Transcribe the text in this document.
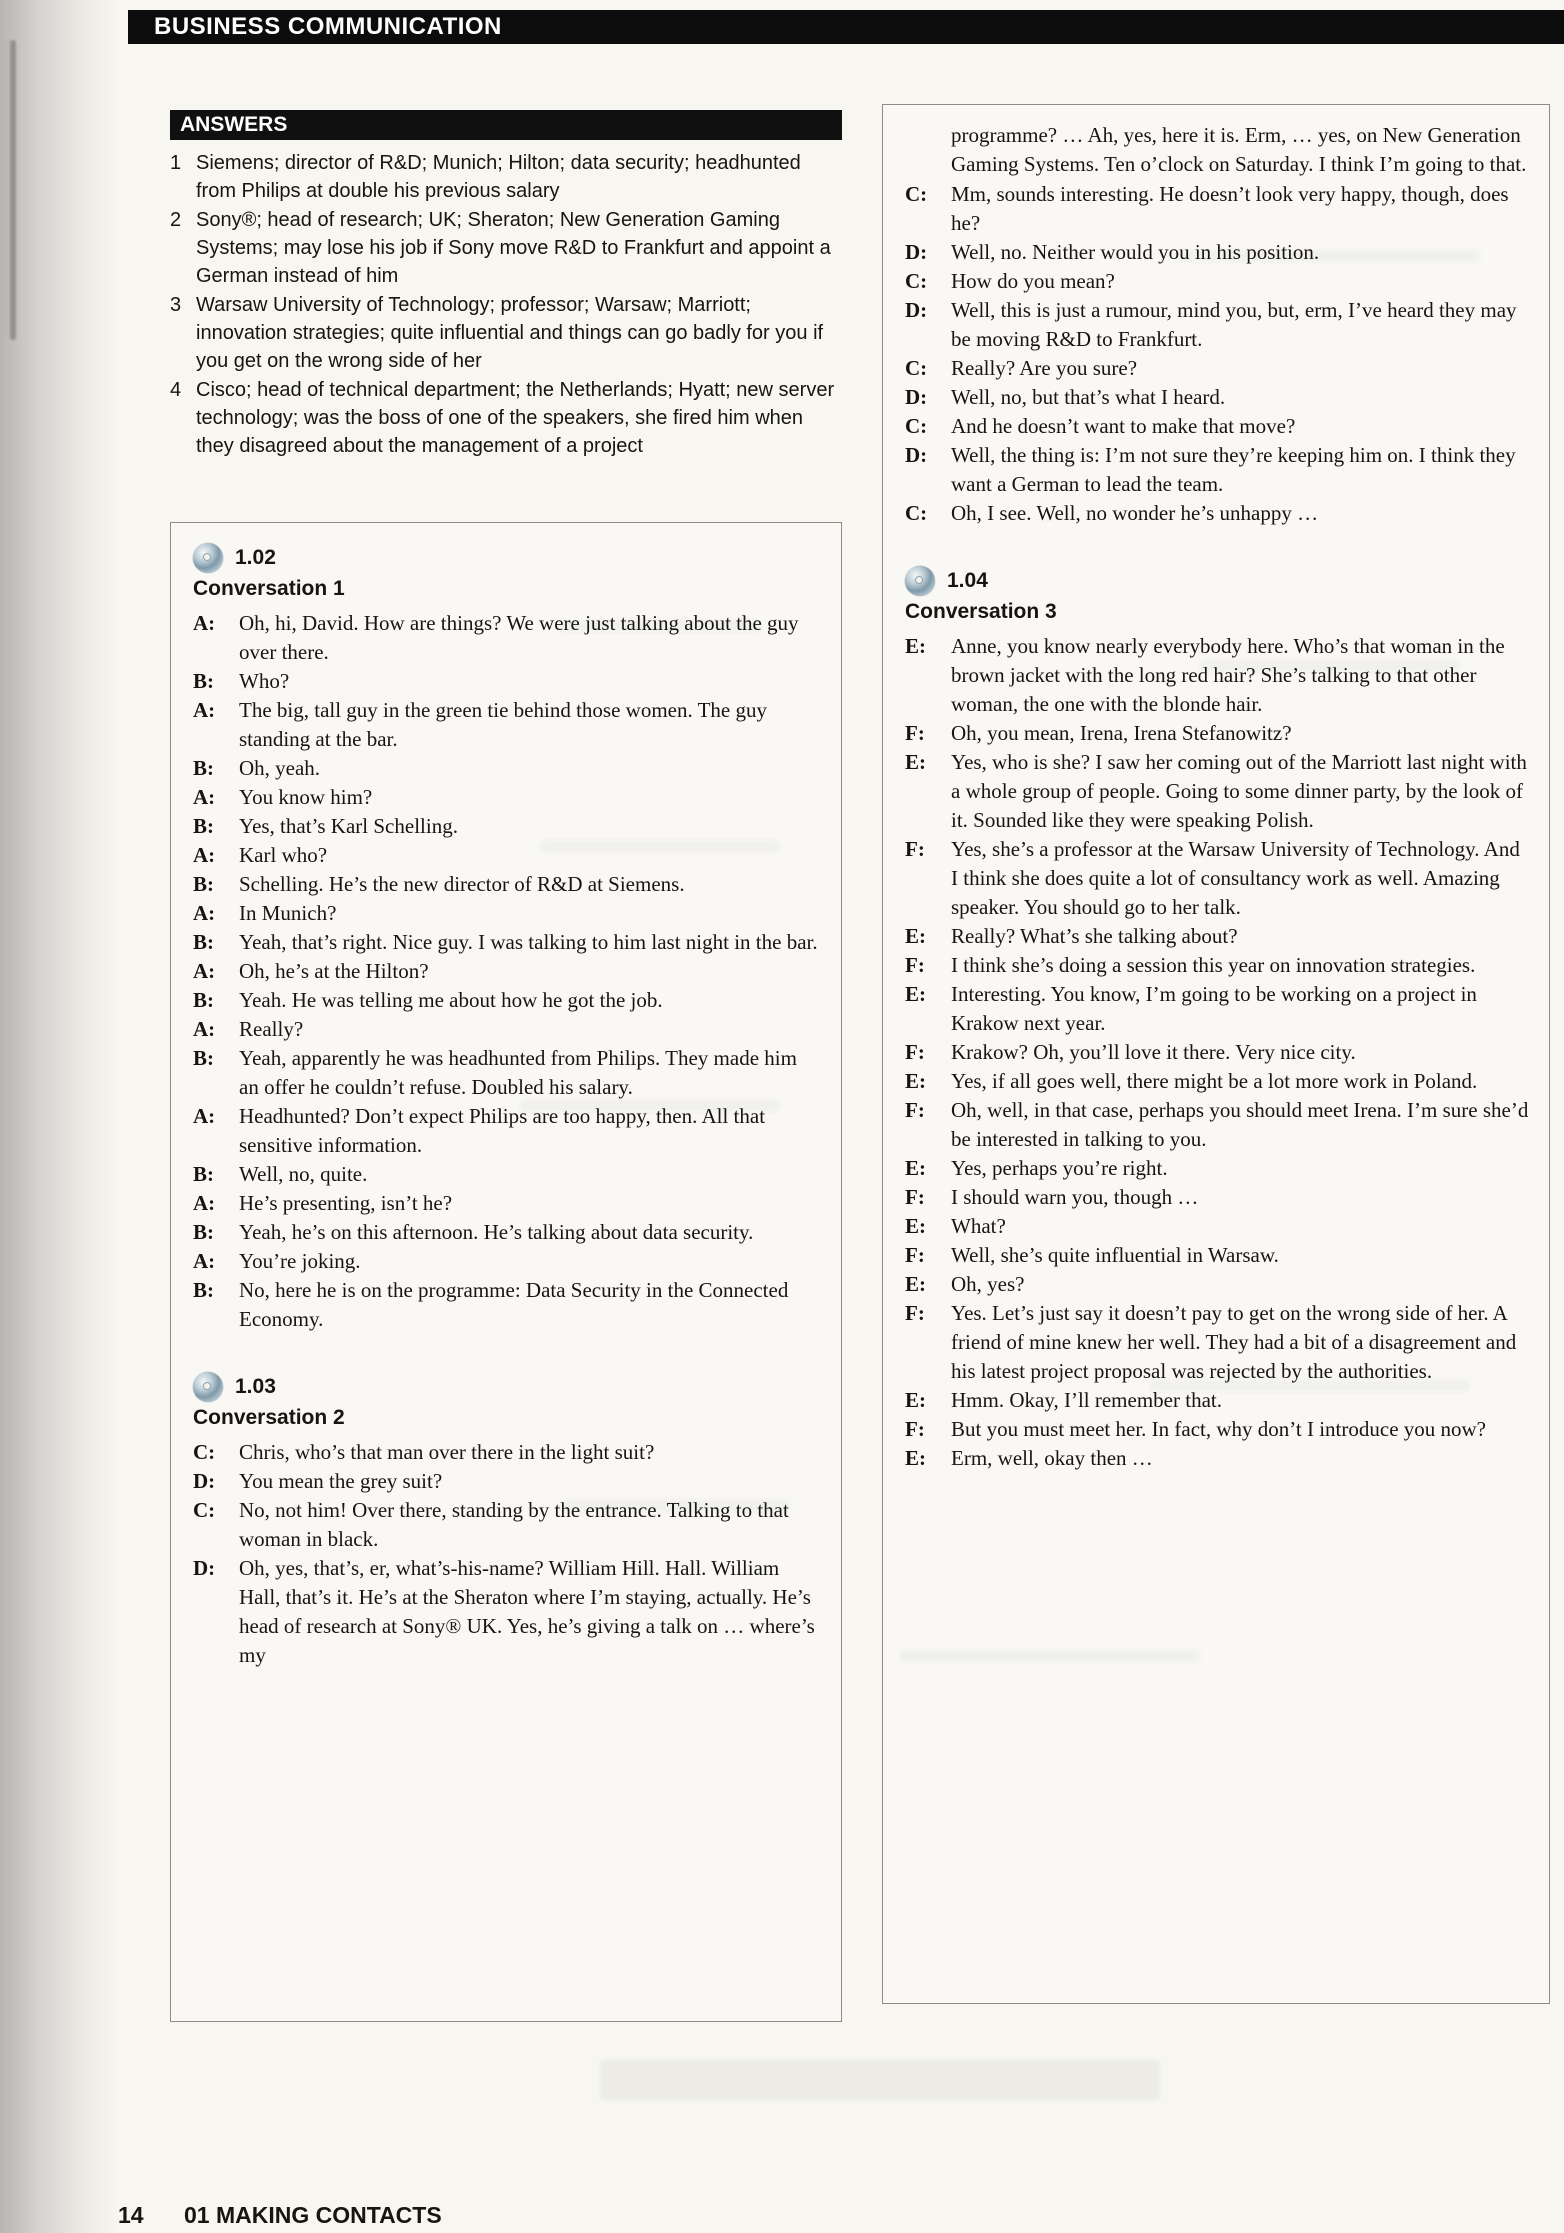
BUSINESS COMMUNICATION
ANSWERS
1 Siemens; director of R&D; Munich; Hilton; data security; headhunted from Philips at double his previous salary
2 Sony®; head of research; UK; Sheraton; New Generation Gaming Systems; may lose his job if Sony move R&D to Frankfurt and appoint a German instead of him
3 Warsaw University of Technology; professor; Warsaw; Marriott; innovation strategies; quite influential and things can go badly for you if you get on the wrong side of her
4 Cisco; head of technical department; the Netherlands; Hyatt; new server technology; was the boss of one of the speakers, she fired him when they disagreed about the management of a project
1.02
Conversation 1
A:	Oh, hi, David. How are things? We were just talking about the guy over there.
B:	Who?
A:	The big, tall guy in the green tie behind those women. The guy standing at the bar.
B:	Oh, yeah.
A:	You know him?
B:	Yes, that’s Karl Schelling.
A:	Karl who?
B:	Schelling. He’s the new director of R&D at Siemens.
A:	In Munich?
B:	Yeah, that’s right. Nice guy. I was talking to him last night in the bar.
A:	Oh, he’s at the Hilton?
B:	Yeah. He was telling me about how he got the job.
A:	Really?
B:	Yeah, apparently he was headhunted from Philips. They made him an offer he couldn’t refuse. Doubled his salary.
A:	Headhunted? Don’t expect Philips are too happy, then. All that sensitive information.
B:	Well, no, quite.
A:	He’s presenting, isn’t he?
B:	Yeah, he’s on this afternoon. He’s talking about data security.
A:	You’re joking.
B:	No, here he is on the programme: Data Security in the Connected Economy.
1.03
Conversation 2
C:	Chris, who’s that man over there in the light suit?
D:	You mean the grey suit?
C:	No, not him! Over there, standing by the entrance. Talking to that woman in black.
D:	Oh, yes, that’s, er, what’s-his-name? William Hill. Hall. William Hall, that’s it. He’s at the Sheraton where I’m staying, actually. He’s head of research at Sony® UK. Yes, he’s giving a talk on … where’s my
programme? … Ah, yes, here it is. Erm, … yes, on New Generation Gaming Systems. Ten o’clock on Saturday. I think I’m going to that.
C:	Mm, sounds interesting. He doesn’t look very happy, though, does he?
D:	Well, no. Neither would you in his position.
C:	How do you mean?
D:	Well, this is just a rumour, mind you, but, erm, I’ve heard they may be moving R&D to Frankfurt.
C:	Really? Are you sure?
D:	Well, no, but that’s what I heard.
C:	And he doesn’t want to make that move?
D:	Well, the thing is: I’m not sure they’re keeping him on. I think they want a German to lead the team.
C:	Oh, I see. Well, no wonder he’s unhappy …
1.04
Conversation 3
E:	Anne, you know nearly everybody here. Who’s that woman in the brown jacket with the long red hair? She’s talking to that other woman, the one with the blonde hair.
F:	Oh, you mean, Irena, Irena Stefanowitz?
E:	Yes, who is she? I saw her coming out of the Marriott last night with a whole group of people. Going to some dinner party, by the look of it. Sounded like they were speaking Polish.
F:	Yes, she’s a professor at the Warsaw University of Technology. And I think she does quite a lot of consultancy work as well. Amazing speaker. You should go to her talk.
E:	Really? What’s she talking about?
F:	I think she’s doing a session this year on innovation strategies.
E:	Interesting. You know, I’m going to be working on a project in Krakow next year.
F:	Krakow? Oh, you’ll love it there. Very nice city.
E:	Yes, if all goes well, there might be a lot more work in Poland.
F:	Oh, well, in that case, perhaps you should meet Irena. I’m sure she’d be interested in talking to you.
E:	Yes, perhaps you’re right.
F:	I should warn you, though …
E:	What?
F:	Well, she’s quite influential in Warsaw.
E:	Oh, yes?
F:	Yes. Let’s just say it doesn’t pay to get on the wrong side of her. A friend of mine knew her well. They had a bit of a disagreement and his latest project proposal was rejected by the authorities.
E:	Hmm. Okay, I’ll remember that.
F:	But you must meet her. In fact, why don’t I introduce you now?
E:	Erm, well, okay then …
14 01 MAKING CONTACTS
